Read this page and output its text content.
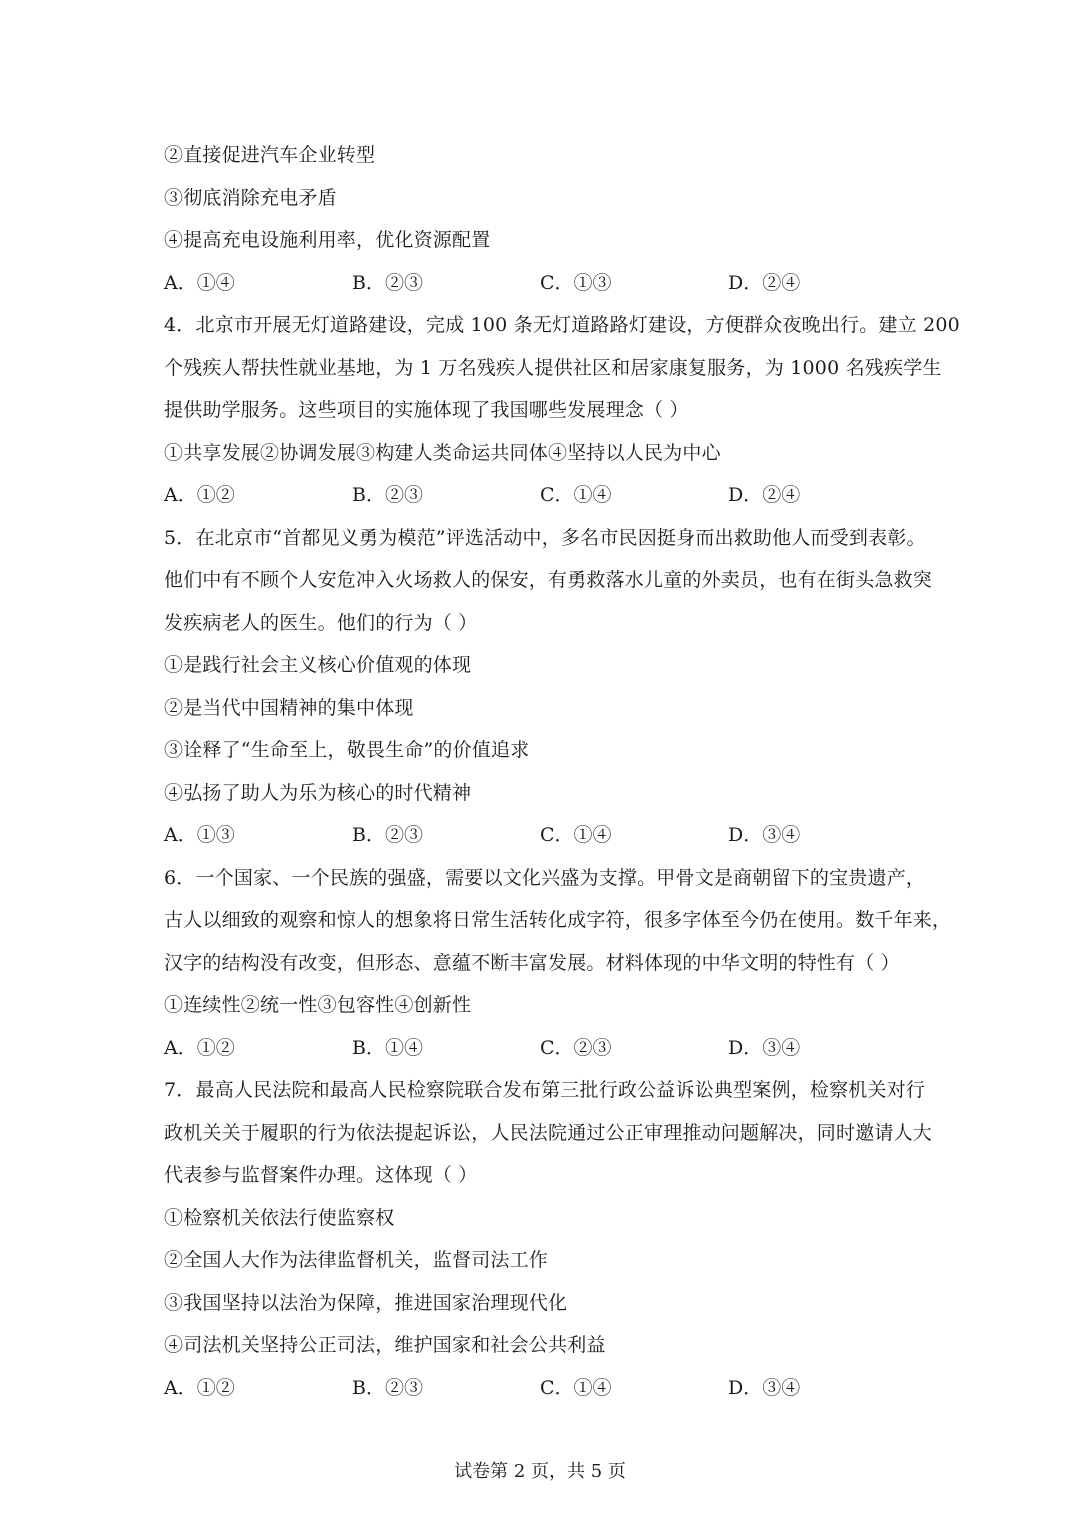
②直接促进汽车企业转型
③彻底消除充电矛盾
④提高充电设施利用率，优化资源配置
A．①④	B．②③	C．①③	D．②④
4．北京市开展无灯道路建设，完成 100 条无灯道路路灯建设，方便群众夜晚出行。建立 200
个残疾人帮扶性就业基地，为 1 万名残疾人提供社区和居家康复服务，为 1000 名残疾学生
提供助学服务。这些项目的实施体现了我国哪些发展理念（ ）
①共享发展②协调发展③构建人类命运共同体④坚持以人民为中心
A．①②	B．②③	C．①④	D．②④
5．在北京市“首都见义勇为模范”评选活动中，多名市民因挺身而出救助他人而受到表彰。
他们中有不顾个人安危冲入火场救人的保安，有勇救落水儿童的外卖员，也有在街头急救突
发疾病老人的医生。他们的行为（ ）
①是践行社会主义核心价值观的体现
②是当代中国精神的集中体现
③诠释了“生命至上，敬畏生命”的价值追求
④弘扬了助人为乐为核心的时代精神
A．①③	B．②③	C．①④	D．③④
6．一个国家、一个民族的强盛，需要以文化兴盛为支撑。甲骨文是商朝留下的宝贵遗产，
古人以细致的观察和惊人的想象将日常生活转化成字符，很多字体至今仍在使用。数千年来，
汉字的结构没有改变，但形态、意蕴不断丰富发展。材料体现的中华文明的特性有（ ）
①连续性②统一性③包容性④创新性
A．①②	B．①④	C．②③	D．③④
7．最高人民法院和最高人民检察院联合发布第三批行政公益诉讼典型案例，检察机关对行
政机关关于履职的行为依法提起诉讼，人民法院通过公正审理推动问题解决，同时邀请人大
代表参与监督案件办理。这体现（ ）
①检察机关依法行使监察权
②全国人大作为法律监督机关，监督司法工作
③我国坚持以法治为保障，推进国家治理现代化
④司法机关坚持公正司法，维护国家和社会公共利益
A．①②	B．②③	C．①④	D．③④
试卷第 2 页，共 5 页
